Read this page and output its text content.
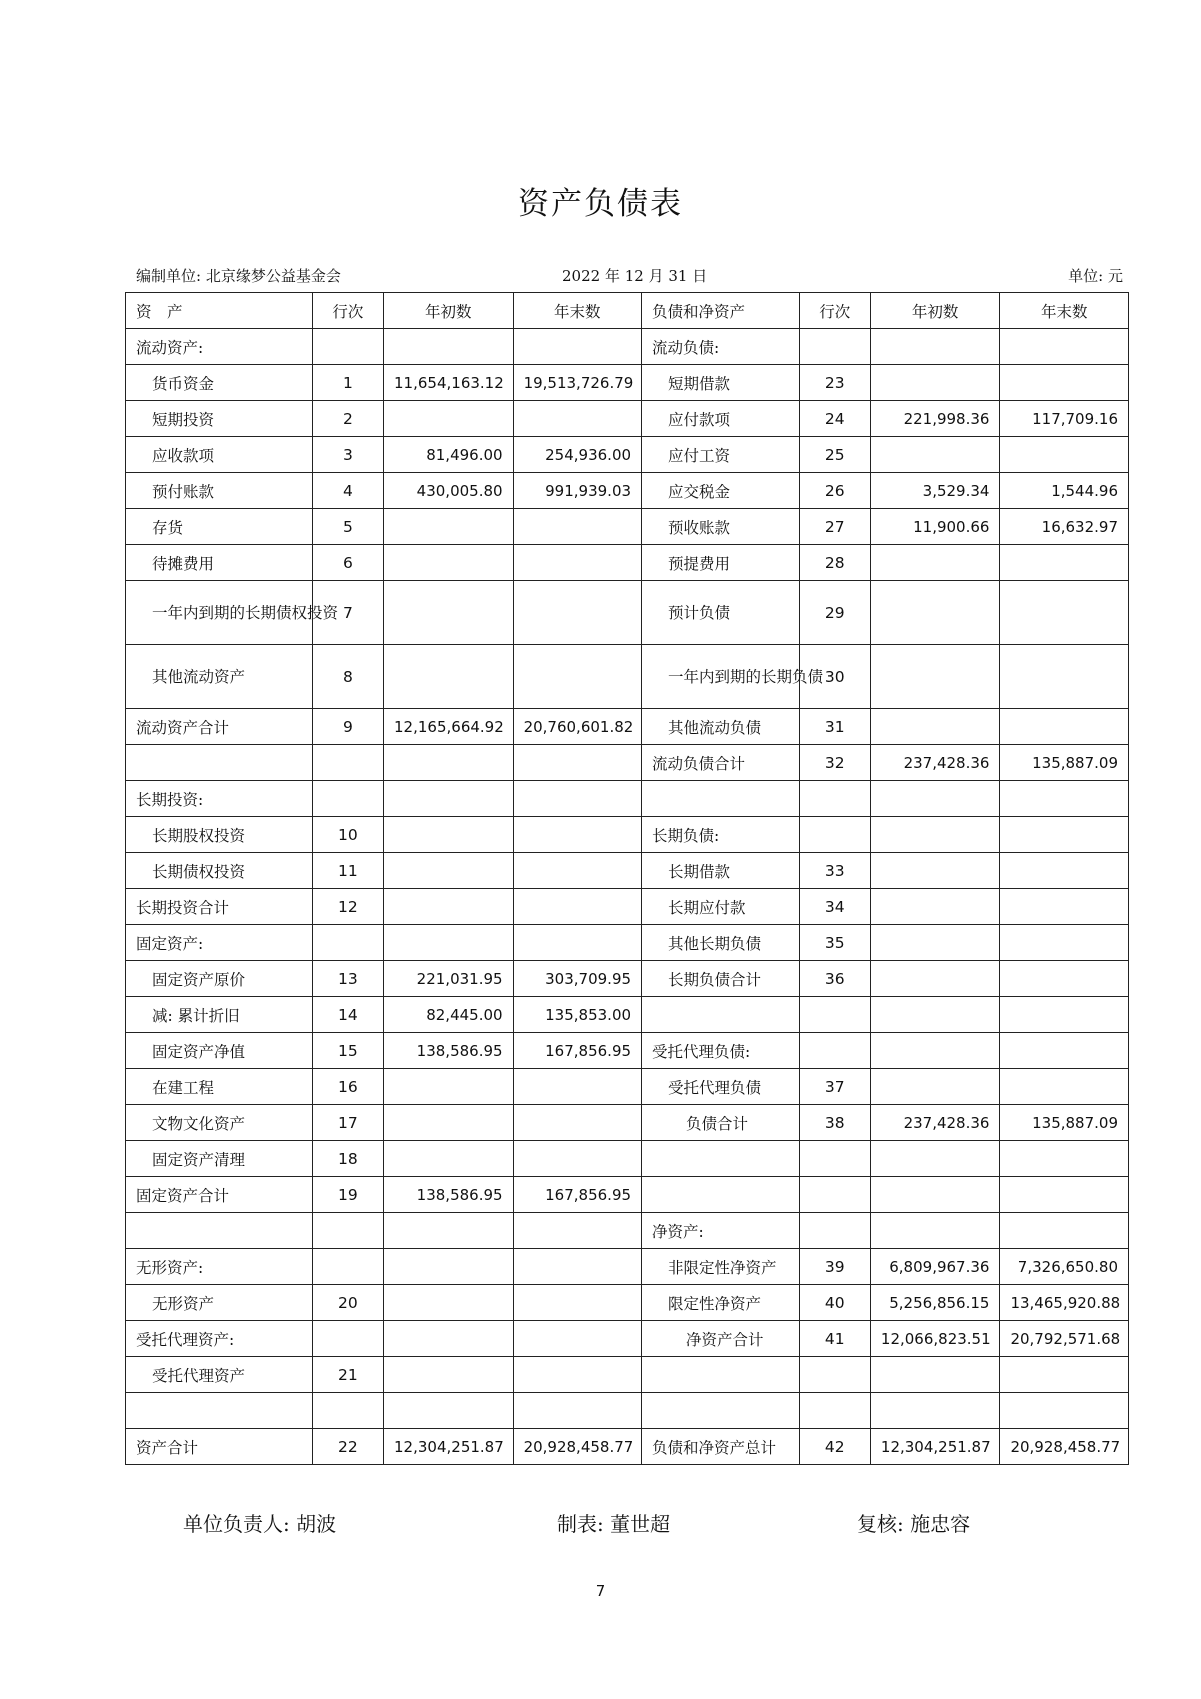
资产负债表
编制单位: 北京缘梦公益基金会	2022 年 12 月 31 日	单位: 元
资　产	行次	年初数	年末数	负债和净资产	行次	年初数	年末数
流动资产:				流动负债:			
货币资金	1	11,654,163.12	19,513,726.79	短期借款	23		
短期投资	2			应付款项	24	221,998.36	117,709.16
应收款项	3	81,496.00	254,936.00	应付工资	25		
预付账款	4	430,005.80	991,939.03	应交税金	26	3,529.34	1,544.96
存货	5			预收账款	27	11,900.66	16,632.97
待摊费用	6			预提费用	28		
一年内到期的长期债权投资	7			预计负债	29		
其他流动资产	8			一年内到期的长期负债	30		
流动资产合计	9	12,165,664.92	20,760,601.82	其他流动负债	31		
				流动负债合计	32	237,428.36	135,887.09
长期投资:							
长期股权投资	10			长期负债:			
长期债权投资	11			长期借款	33		
长期投资合计	12			长期应付款	34		
固定资产:				其他长期负债	35		
固定资产原价	13	221,031.95	303,709.95	长期负债合计	36		
减: 累计折旧	14	82,445.00	135,853.00				
固定资产净值	15	138,586.95	167,856.95	受托代理负债:			
在建工程	16			受托代理负债	37		
文物文化资产	17			负债合计	38	237,428.36	135,887.09
固定资产清理	18						
固定资产合计	19	138,586.95	167,856.95				
				净资产:			
无形资产:				非限定性净资产	39	6,809,967.36	7,326,650.80
无形资产	20			限定性净资产	40	5,256,856.15	13,465,920.88
受托代理资产:				净资产合计	41	12,066,823.51	20,792,571.68
受托代理资产	21						

资产合计	22	12,304,251.87	20,928,458.77	负债和净资产总计	42	12,304,251.87	20,928,458.77
单位负责人: 胡波	制表: 董世超	复核: 施忠容
7
